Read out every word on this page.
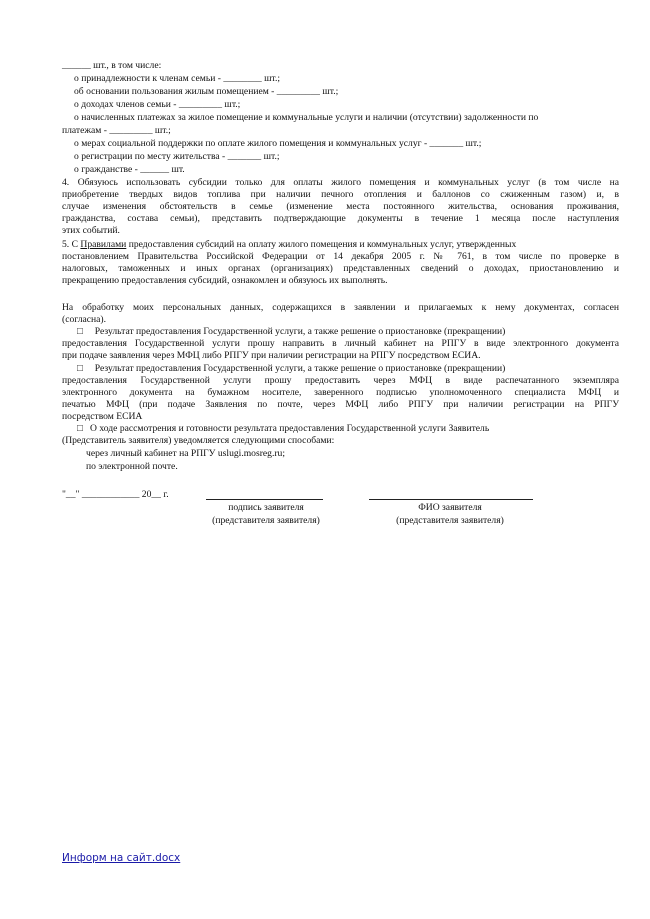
______ шт., в том числе:
о принадлежности к членам семьи - ________ шт.;
об основании пользования жилым помещением - _________ шт.;
о доходах членов семьи - _________ шт.;
о начисленных платежах за жилое помещение и коммунальные услуги и наличии (отсутствии) задолженности по
платежам - _________ шт.;
о мерах социальной поддержки по оплате жилого помещения и коммунальных услуг - _______ шт.;
о регистрации по месту жительства - _______ шт.;
о гражданстве - ______ шт.
4. Обязуюсь использовать субсидии только для оплаты жилого помещения и коммунальных услуг (в том числе на
приобретение твердых видов топлива при наличии печного отопления и баллонов со сжиженным газом) и, в
случае изменения обстоятельств в семье (изменение места постоянного жительства, основания проживания,
гражданства, состава семьи), представить подтверждающие документы в течение 1 месяца после наступления
этих событий.
5. С Правилами предоставления субсидий на оплату жилого помещения и коммунальных услуг, утвержденных
постановлением Правительства Российской Федерации от 14 декабря 2005 г. № 761, в том числе по проверке в
налоговых, таможенных и иных органах (организациях) представленных сведений о доходах, приостановлению и
прекращению предоставления субсидий, ознакомлен и обязуюсь их выполнять.
На обработку моих персональных данных, содержащихся в заявлении и прилагаемых к нему документах, согласен
(согласна).
□ Результат предоставления Государственной услуги, а также решение о приостановке (прекращении)
предоставления Государственной услуги прошу направить в личный кабинет на РПГУ в виде электронного документа
при подаче заявления через МФЦ либо РПГУ при наличии регистрации на РПГУ посредством ЕСИА.
□ Результат предоставления Государственной услуги, а также решение о приостановке (прекращении)
предоставления Государственной услуги прошу предоставить через МФЦ в виде распечатанного экземпляра
электронного документа на бумажном носителе, заверенного подписью уполномоченного специалиста МФЦ и
печатью МФЦ (при подаче Заявления по почте, через МФЦ либо РПГУ при наличии регистрации на РПГУ
посредством ЕСИА
□ О ходе рассмотрения и готовности результата предоставления Государственной услуги Заявитель
(Представитель заявителя) уведомляется следующими способами:
через личный кабинет на РПГУ uslugi.mosreg.ru;
по электронной почте.
"__" ____________ 20__ г.
подпись заявителя
(представителя заявителя)
ФИО заявителя
(представителя заявителя)
Информ на сайт.docx
